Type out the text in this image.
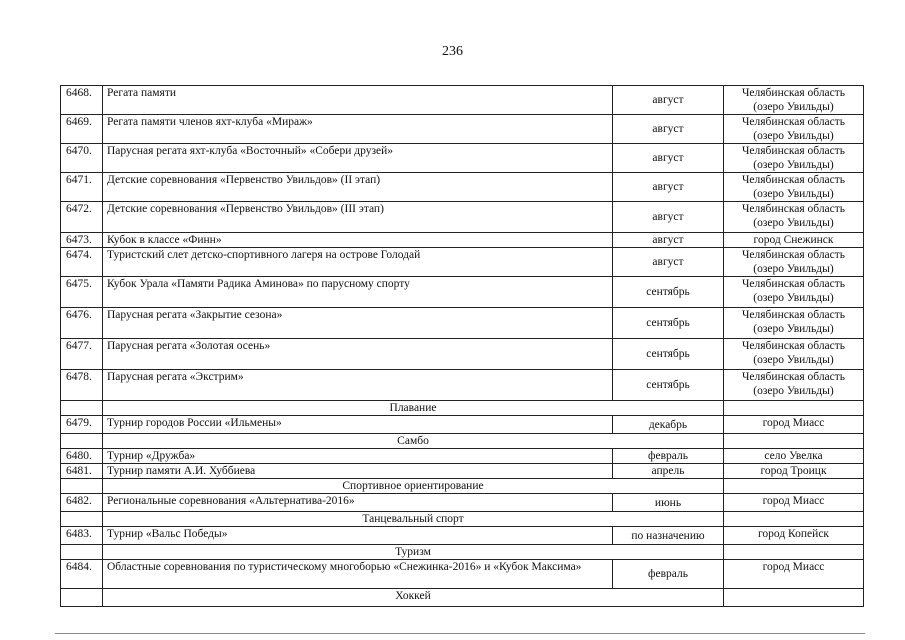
236
6468.	Регата памяти	август	Челябинская область (озеро Увильды)
6469.	Регата памяти членов яхт-клуба «Мираж»	август	Челябинская область (озеро Увильды)
6470.	Парусная регата яхт-клуба «Восточный» «Собери друзей»	август	Челябинская область (озеро Увильды)
6471.	Детские соревнования «Первенство Увильдов» (II этап)	август	Челябинская область (озеро Увильды)
6472.	Детские соревнования «Первенство Увильдов» (III этап)	август	Челябинская область (озеро Увильды)
6473.	Кубок в классе «Финн»	август	город Снежинск
6474.	Туристский слет детско-спортивного лагеря на острове Голодай	август	Челябинская область (озеро Увильды)
6475.	Кубок Урала «Памяти Радика Аминова» по парусному спорту	сентябрь	Челябинская область (озеро Увильды)
6476.	Парусная регата «Закрытие сезона»	сентябрь	Челябинская область (озеро Увильды)
6477.	Парусная регата «Золотая осень»	сентябрь	Челябинская область (озеро Увильды)
6478.	Парусная регата «Экстрим»	сентябрь	Челябинская область (озеро Увильды)
	Плавание		
6479.	Турнир городов России «Ильмены»	декабрь	город Миасс
	Самбо		
6480.	Турнир «Дружба»	февраль	село Увелка
6481.	Турнир памяти А.И. Хуббиева	апрель	город Троицк
	Спортивное ориентирование		
6482.	Региональные соревнования «Альтернатива-2016»	июнь	город Миасс
	Танцевальный спорт		
6483.	Турнир «Вальс Победы»	по назначению	город Копейск
	Туризм		
6484.	Областные соревнования по туристическому многоборью «Снежинка-2016» и «Кубок Максима»	февраль	город Миасс
	Хоккей		
